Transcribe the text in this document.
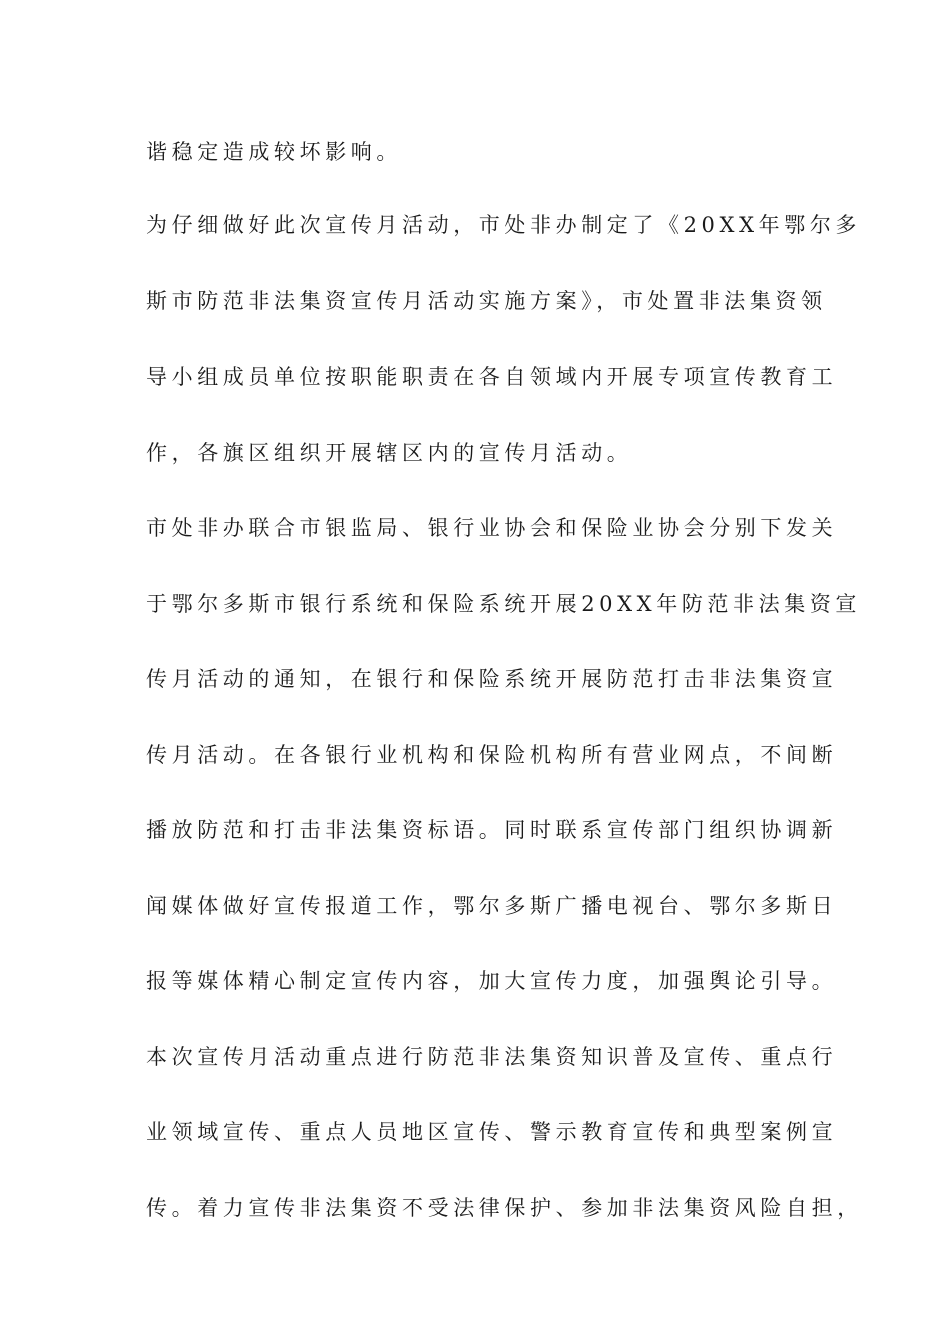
谐稳定造成较坏影响。
为仔细做好此次宣传月活动，市处非办制定了《20XX年鄂尔多
斯市防范非法集资宣传月活动实施方案》，市处置非法集资领
导小组成员单位按职能职责在各自领域内开展专项宣传教育工
作，各旗区组织开展辖区内的宣传月活动。
市处非办联合市银监局、银行业协会和保险业协会分别下发关
于鄂尔多斯市银行系统和保险系统开展20XX年防范非法集资宣
传月活动的通知，在银行和保险系统开展防范打击非法集资宣
传月活动。在各银行业机构和保险机构所有营业网点，不间断
播放防范和打击非法集资标语。同时联系宣传部门组织协调新
闻媒体做好宣传报道工作，鄂尔多斯广播电视台、鄂尔多斯日
报等媒体精心制定宣传内容，加大宣传力度，加强舆论引导。
本次宣传月活动重点进行防范非法集资知识普及宣传、重点行
业领域宣传、重点人员地区宣传、警示教育宣传和典型案例宣
传。着力宣传非法集资不受法律保护、参加非法集资风险自担，
